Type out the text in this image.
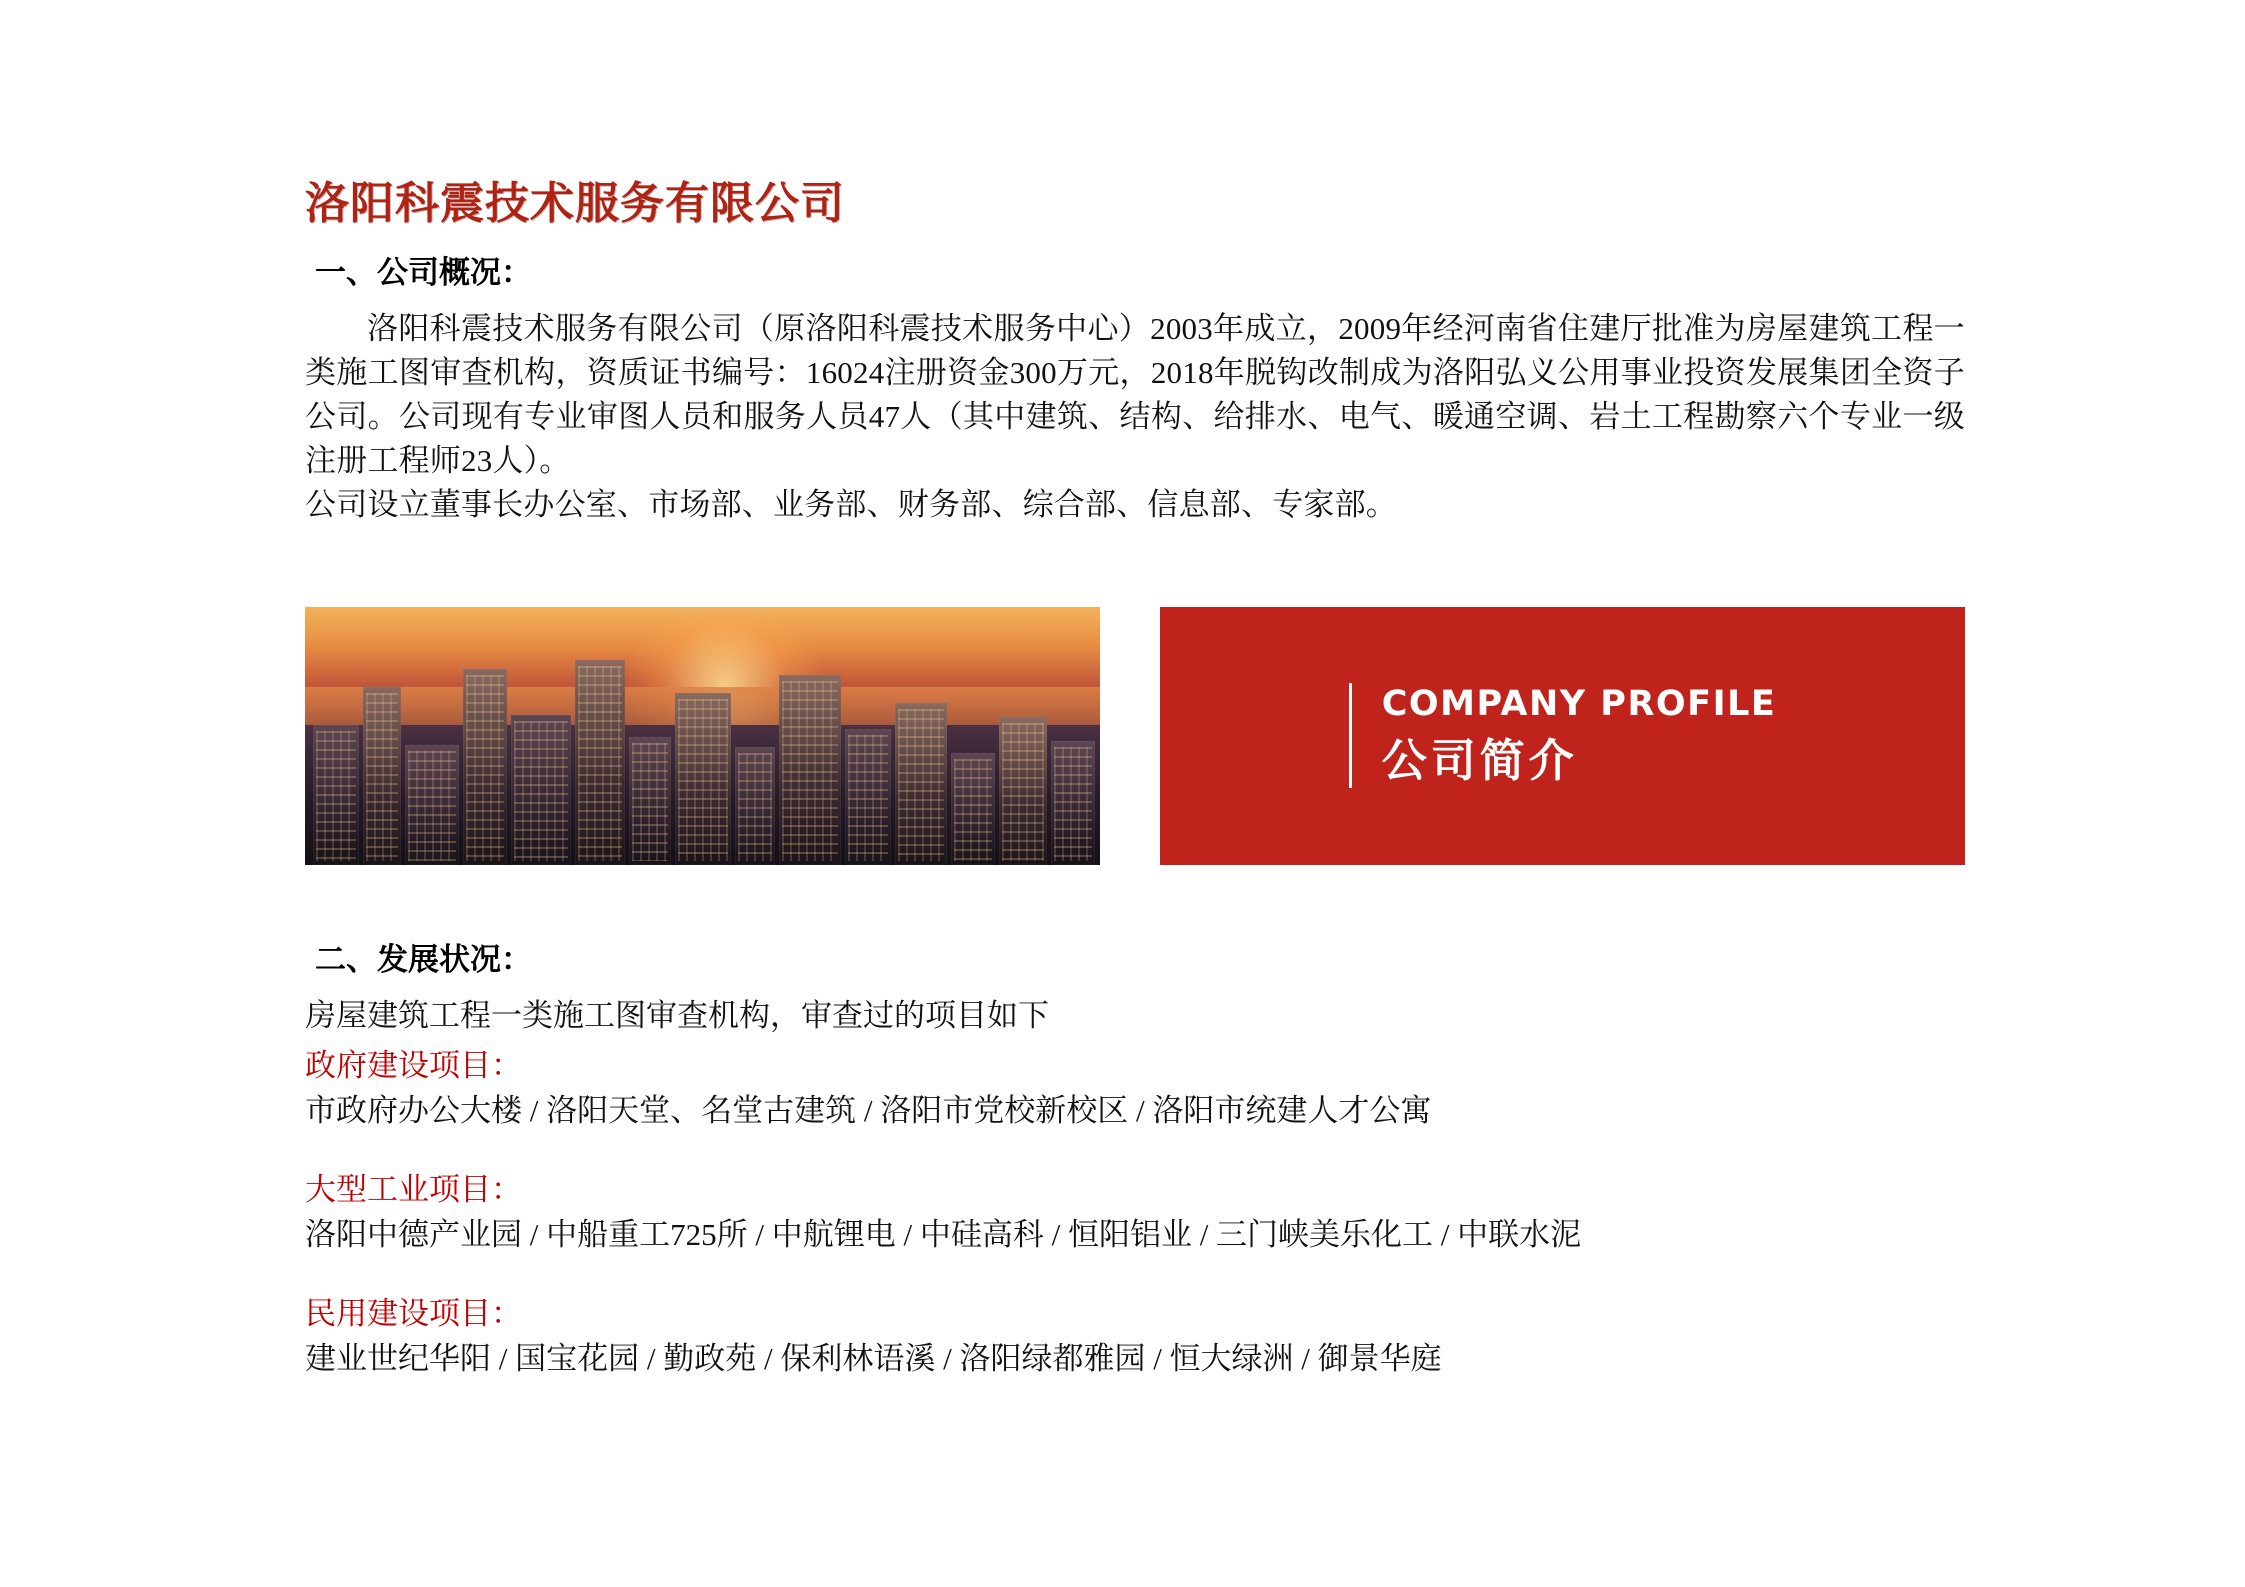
洛阳科震技术服务有限公司
一、公司概况：

洛阳科震技术服务有限公司（原洛阳科震技术服务中心）2003年成立，2009年经河南省住建厅批准为房屋建筑工程一类施工图审查机构，资质证书编号：16024注册资金300万元，2018年脱钩改制成为洛阳弘义公用事业投资发展集团全资子公司。公司现有专业审图人员和服务人员47人（其中建筑、结构、给排水、电气、暖通空调、岩土工程勘察六个专业一级注册工程师23人）。

公司设立董事长办公室、市场部、业务部、财务部、综合部、信息部、专家部。

COMPANY PROFILE
公司简介
二、发展状况：

房屋建筑工程一类施工图审查机构，审查过的项目如下

政府建设项目：

市政府办公大楼 / 洛阳天堂、名堂古建筑 / 洛阳市党校新校区 / 洛阳市统建人才公寓

大型工业项目：

洛阳中德产业园 / 中船重工725所 / 中航锂电 / 中硅高科 / 恒阳铝业 / 三门峡美乐化工 / 中联水泥

民用建设项目：

建业世纪华阳 / 国宝花园 / 勤政苑 / 保利林语溪 / 洛阳绿都雅园 / 恒大绿洲 / 御景华庭
